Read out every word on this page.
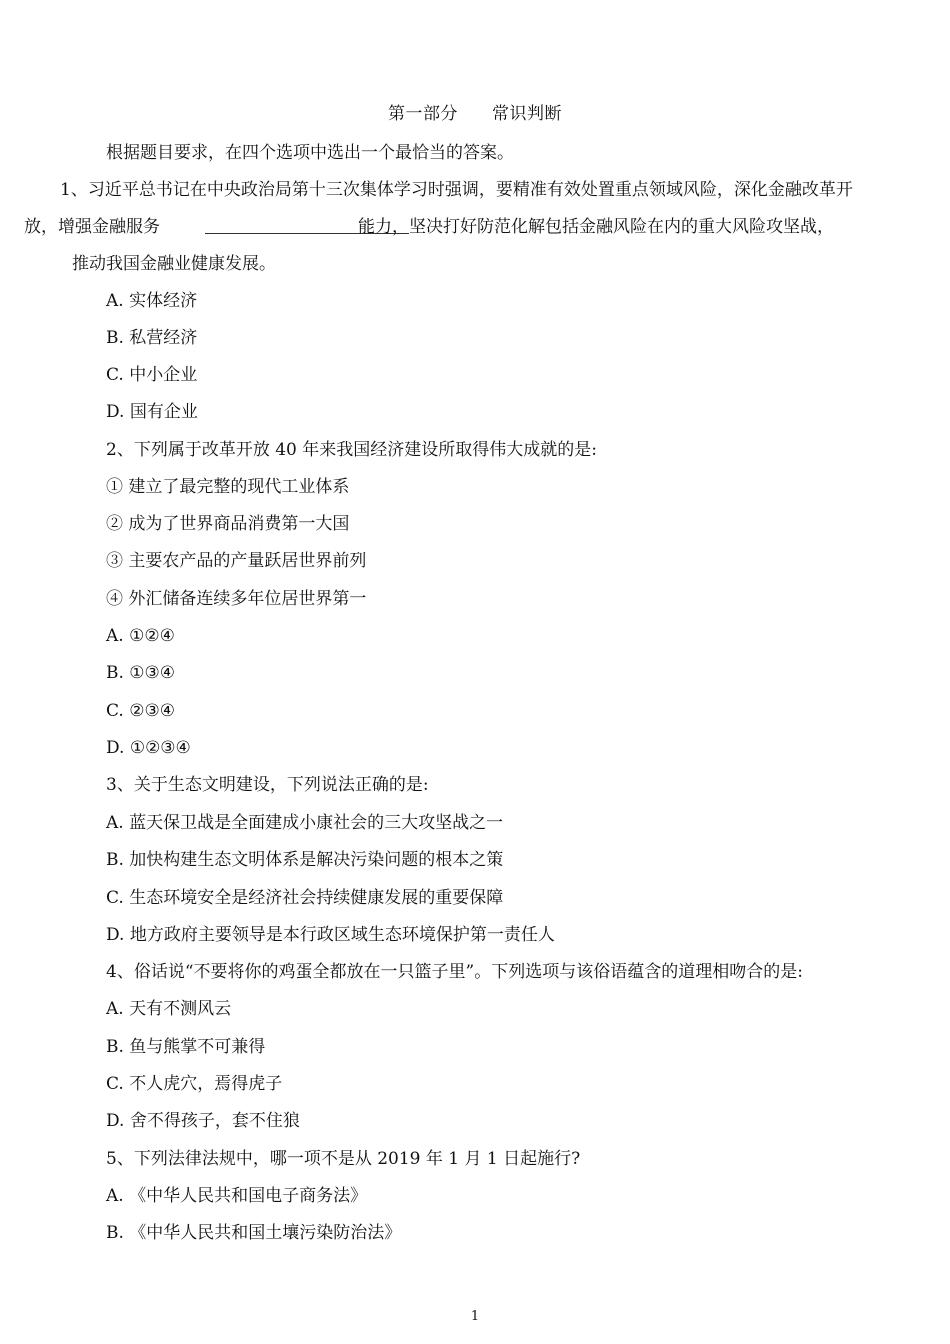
第一部分 常识判断
根据题目要求，在四个选项中选出一个最恰当的答案。
1、习近平总书记在中央政治局第十三次集体学习时强调，要精准有效处置重点领域风险，深化金融改革开
放，增强金融服务	能力，坚决打好防范化解包括金融风险在内的重大风险攻坚战，
推动我国金融业健康发展。
A. 实体经济
B. 私营经济
C. 中小企业
D. 国有企业
2、下列属于改革开放 40 年来我国经济建设所取得伟大成就的是:
① 建立了最完整的现代工业体系
② 成为了世界商品消费第一大国
③ 主要农产品的产量跃居世界前列
④ 外汇储备连续多年位居世界第一
A. ①②④
B. ①③④
C. ②③④
D. ①②③④
3、关于生态文明建设，下列说法正确的是:
A. 蓝天保卫战是全面建成小康社会的三大攻坚战之一
B. 加快构建生态文明体系是解决污染问题的根本之策
C. 生态环境安全是经济社会持续健康发展的重要保障
D. 地方政府主要领导是本行政区域生态环境保护第一责任人
4、俗话说“不要将你的鸡蛋全都放在一只篮子里”。下列选项与该俗语蕴含的道理相吻合的是:
A. 天有不测风云
B. 鱼与熊掌不可兼得
C. 不人虎穴，焉得虎子
D. 舍不得孩子，套不住狼
5、下列法律法规中，哪一项不是从 2019 年 1 月 1 日起施行?
A. 《中华人民共和国电子商务法》
B. 《中华人民共和国土壤污染防治法》
1
